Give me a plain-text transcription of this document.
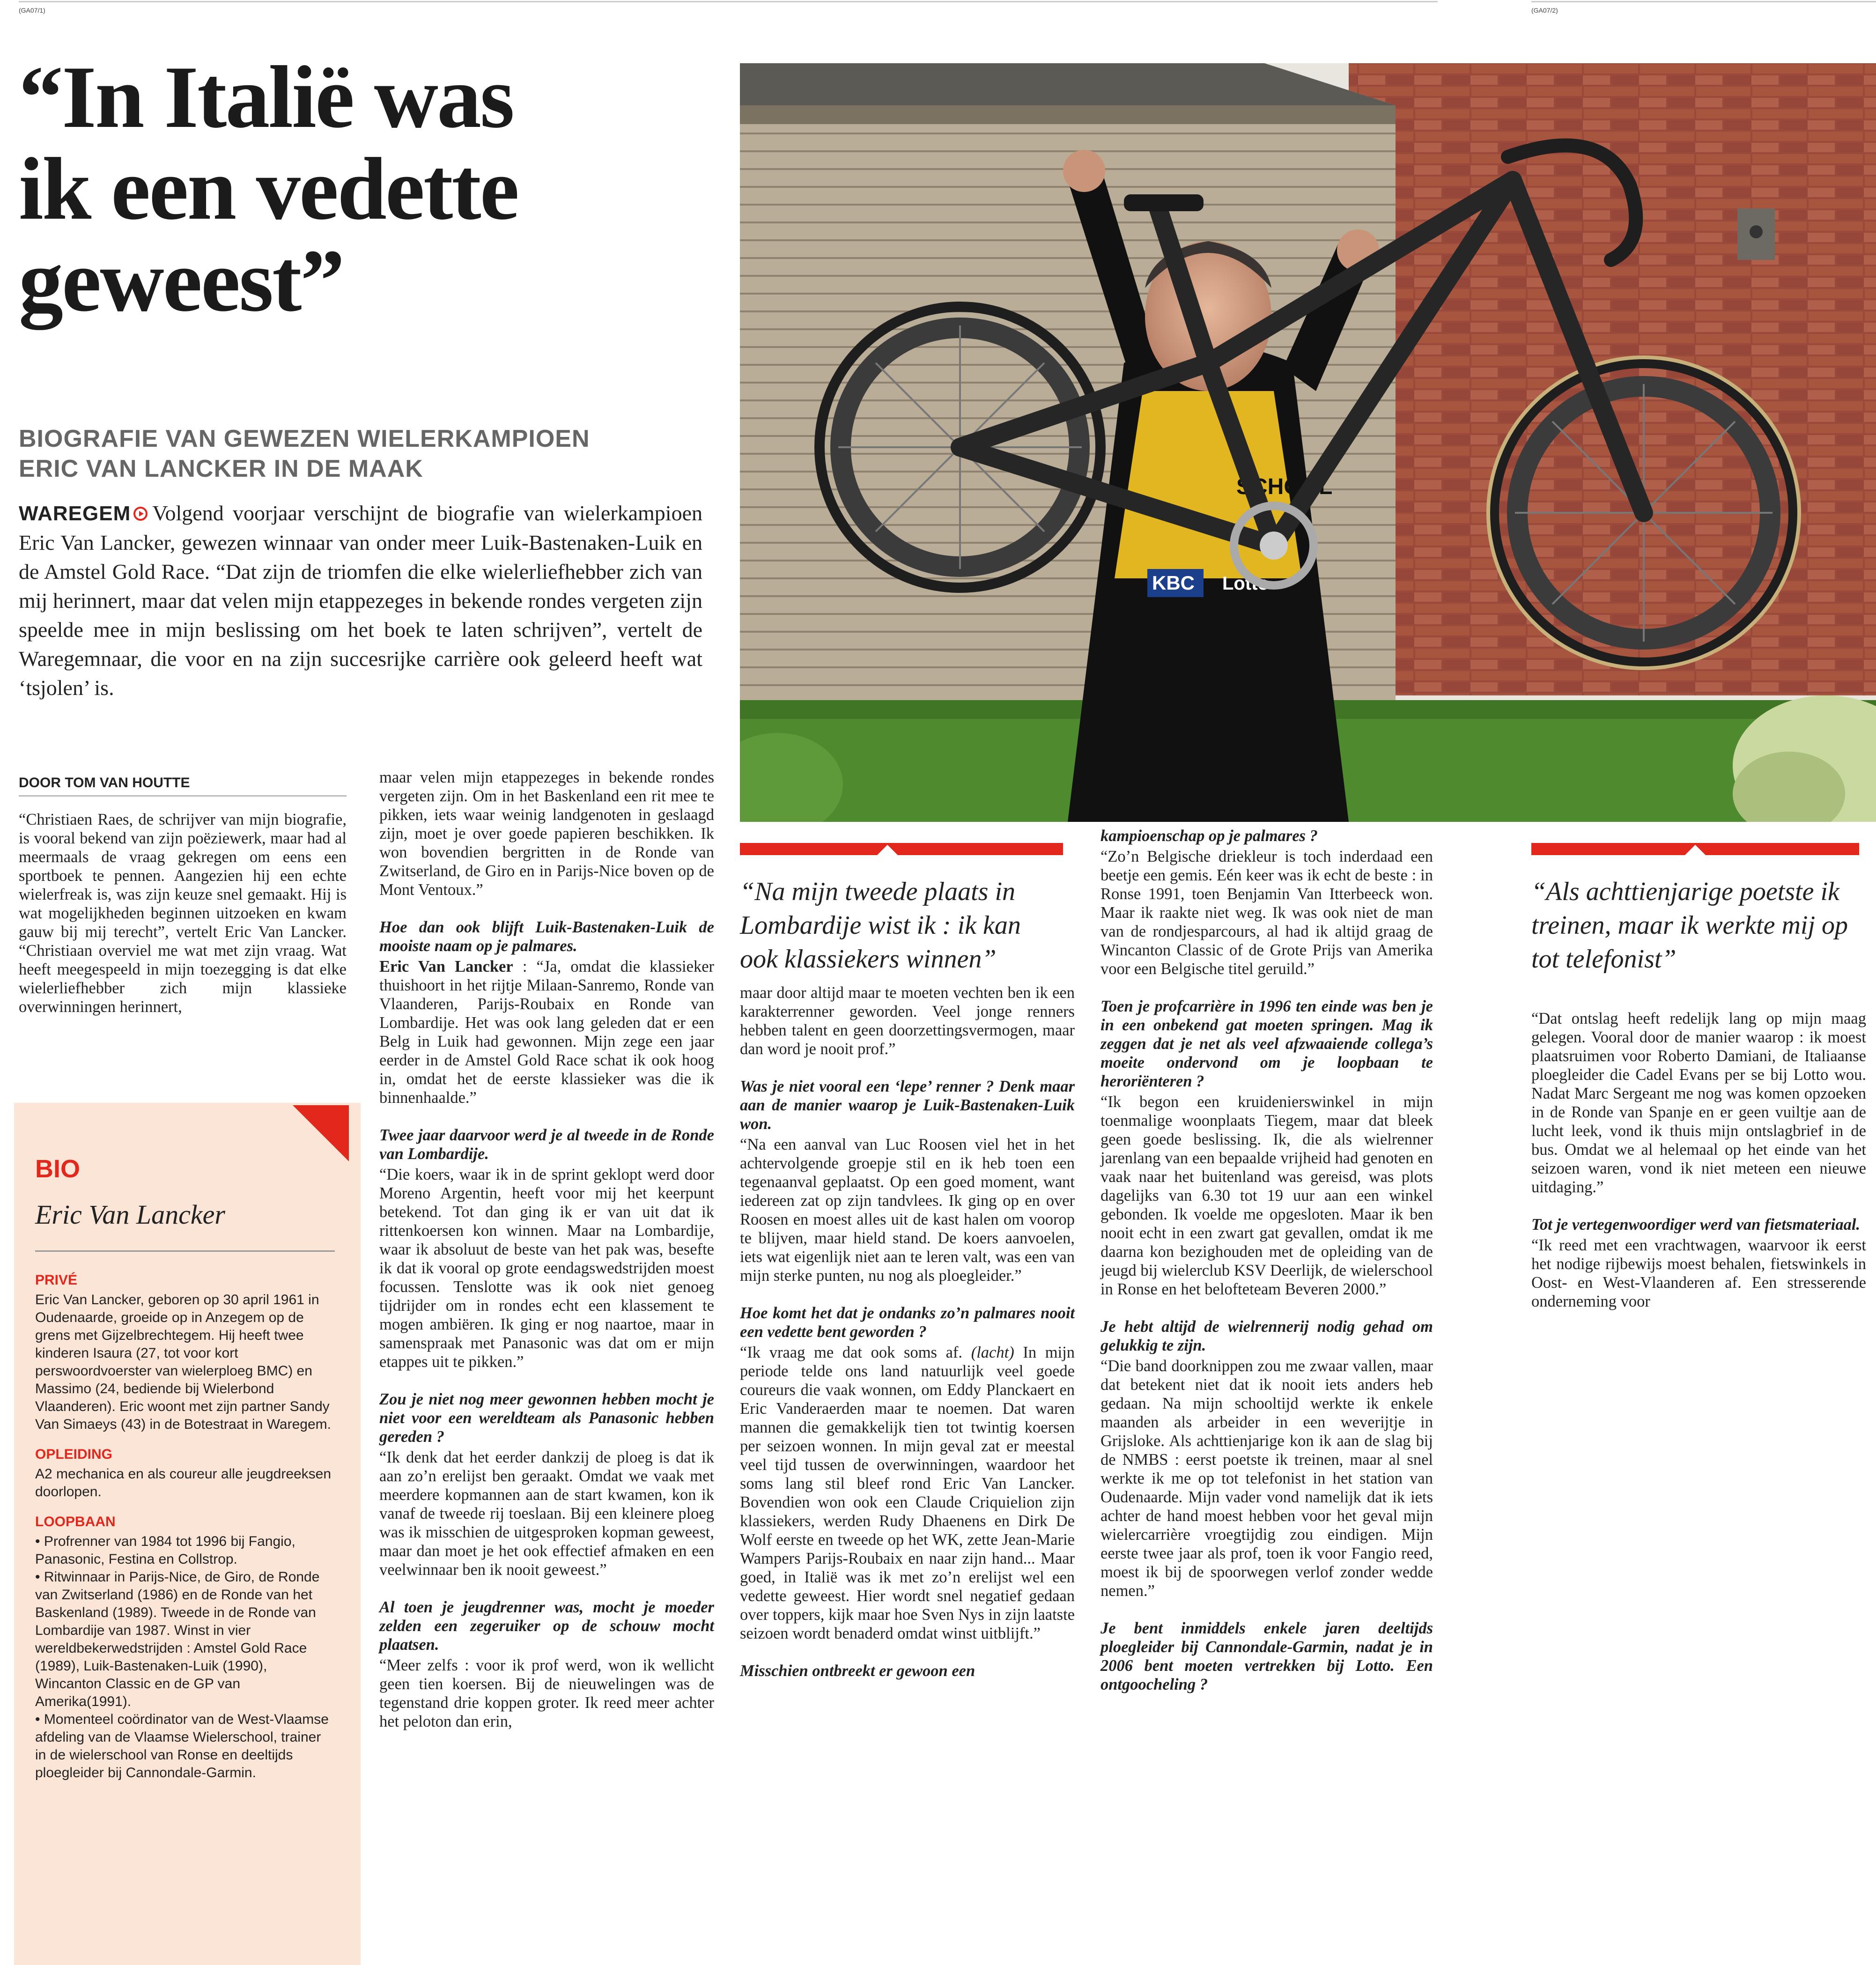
(GA07/1)	(GA07/2)
“In Italië was
ik een vedette
geweest”
BIOGRAFIE VAN GEWEZEN WIELERKAMPIOEN
ERIC VAN LANCKER IN DE MAAK
WAREGEM Volgend voorjaar verschijnt de biografie van wielerkampioen Eric Van Lancker, gewezen winnaar van onder meer Luik-Bastenaken-Luik en de Amstel Gold Race. “Dat zijn de triomfen die elke wielerliefhebber zich van mij herinnert, maar dat velen mijn etappezeges in bekende rondes vergeten zijn speelde mee in mijn beslissing om het boek te laten schrijven”, vertelt de Waregemnaar, die voor en na zijn succesrijke carrière ook geleerd heeft wat ‘tsjolen’ is.
KBC
SCHOOL
Lotto
DOOR TOM VAN HOUTTE

“Christiaen Raes, de schrijver van mijn biografie, is vooral bekend van zijn poëziewerk, maar had al meermaals de vraag gekregen om eens een sportboek te pennen. Aangezien hij een echte wielerfreak is, was zijn keuze snel gemaakt. Hij is wat mogelijkheden beginnen uitzoeken en kwam gauw bij mij terecht”, vertelt Eric Van Lancker. “Christiaan overviel me wat met zijn vraag. Wat heeft meegespeeld in mijn toezegging is dat elke wielerliefhebber zich mijn klassieke overwinningen herinnert,

BIO
Eric Van Lancker
PRIVÉ

Eric Van Lancker, geboren op 30 april 1961 in Oudenaarde, groeide op in Anzegem op de grens met Gijzelbrechtegem. Hij heeft twee kinderen Isaura (27, tot voor kort perswoordvoerster van wielerploeg BMC) en Massimo (24, bediende bij Wielerbond Vlaanderen). Eric woont met zijn partner Sandy Van Simaeys (43) in de Botestraat in Waregem.

OPLEIDING

A2 mechanica en als coureur alle jeugdreeksen doorlopen.

LOOPBAAN
• Profrenner van 1984 tot 1996 bij Fangio, Panasonic, Festina en Collstrop.
• Ritwinnaar in Parijs-Nice, de Giro, de Ronde van Zwitserland (1986) en de Ronde van het Baskenland (1989). Tweede in de Ronde van Lombardije van 1987. Winst in vier wereldbekerwedstrijden : Amstel Gold Race (1989), Luik-Bastenaken-Luik (1990), Wincanton Classic en de GP van Amerika(1991).
• Momenteel coördinator van de West-Vlaamse afdeling van de Vlaamse Wielerschool, trainer in de wielerschool van Ronse en deeltijds ploegleider bij Cannondale-Garmin.

maar velen mijn etappezeges in bekende rondes vergeten zijn. Om in het Baskenland een rit mee te pikken, iets waar weinig landgenoten in geslaagd zijn, moet je over goede papieren beschikken. Ik won bovendien bergritten in de Ronde van Zwitserland, de Giro en in Parijs-Nice boven op de Mont Ventoux.”

Hoe dan ook blijft Luik-Bastenaken-Luik de mooiste naam op je palmares.

Eric Van Lancker : “Ja, omdat die klassieker thuishoort in het rijtje Milaan-Sanremo, Ronde van Vlaanderen, Parijs-Roubaix en Ronde van Lombardije. Het was ook lang geleden dat er een Belg in Luik had gewonnen. Mijn zege een jaar eerder in de Amstel Gold Race schat ik ook hoog in, omdat het de eerste klassieker was die ik binnenhaalde.”

Twee jaar daarvoor werd je al tweede in de Ronde van Lombardije.

“Die koers, waar ik in de sprint geklopt werd door Moreno Argentin, heeft voor mij het keerpunt betekend. Tot dan ging ik er van uit dat ik rittenkoersen kon winnen. Maar na Lombardije, waar ik absoluut de beste van het pak was, besefte ik dat ik vooral op grote eendagswedstrijden moest focussen. Tenslotte was ik ook niet genoeg tijdrijder om in rondes echt een klassement te mogen ambiëren. Ik ging er nog naartoe, maar in samenspraak met Panasonic was dat om er mijn etappes uit te pikken.”

Zou je niet nog meer gewonnen hebben mocht je niet voor een wereldteam als Panasonic hebben gereden ?

“Ik denk dat het eerder dankzij de ploeg is dat ik aan zo’n erelijst ben geraakt. Omdat we vaak met meerdere kopmannen aan de start kwamen, kon ik vanaf de tweede rij toeslaan. Bij een kleinere ploeg was ik misschien de uitgesproken kopman geweest, maar dan moet je het ook effectief afmaken en een veelwinnaar ben ik nooit geweest.”

Al toen je jeugdrenner was, mocht je moeder zelden een zegeruiker op de schouw mocht plaatsen.

“Meer zelfs : voor ik prof werd, won ik wellicht geen tien koersen. Bij de nieuwelingen was de tegenstand drie koppen groter. Ik reed meer achter het peloton dan erin,

“Na mijn tweede plaats in Lombardije wist ik : ik kan ook klassiekers winnen”

maar door altijd maar te moeten vechten ben ik een karakterrenner geworden. Veel jonge renners hebben talent en geen doorzettingsvermogen, maar dan word je nooit prof.”

Was je niet vooral een ‘lepe’ renner ? Denk maar aan de manier waarop je Luik-Bastenaken-Luik won.

“Na een aanval van Luc Roosen viel het in het achtervolgende groepje stil en ik heb toen een tegenaanval geplaatst. Op een goed moment, want iedereen zat op zijn tandvlees. Ik ging op en over Roosen en moest alles uit de kast halen om voorop te blijven, maar hield stand. De koers aanvoelen, iets wat eigenlijk niet aan te leren valt, was een van mijn sterke punten, nu nog als ploegleider.”

Hoe komt het dat je ondanks zo’n palmares nooit een vedette bent geworden ?

“Ik vraag me dat ook soms af. (lacht) In mijn periode telde ons land natuurlijk veel goede coureurs die vaak wonnen, om Eddy Planckaert en Eric Vanderaerden maar te noemen. Dat waren mannen die gemakkelijk tien tot twintig koersen per seizoen wonnen. In mijn geval zat er meestal veel tijd tussen de overwinningen, waardoor het soms lang stil bleef rond Eric Van Lancker. Bovendien won ook een Claude Criquielion zijn klassiekers, werden Rudy Dhaenens en Dirk De Wolf eerste en tweede op het WK, zette Jean-Marie Wampers Parijs-Roubaix en naar zijn hand... Maar goed, in Italië was ik met zo’n erelijst wel een vedette geweest. Hier wordt snel negatief gedaan over toppers, kijk maar hoe Sven Nys in zijn laatste seizoen wordt benaderd omdat winst uitblijft.”

Misschien ontbreekt er gewoon een

kampioenschap op je palmares ?

“Zo’n Belgische driekleur is toch inderdaad een beetje een gemis. Eén keer was ik echt de beste : in Ronse 1991, toen Benjamin Van Itterbeeck won. Maar ik raakte niet weg. Ik was ook niet de man van de rondjesparcours, al had ik altijd graag de Wincanton Classic of de Grote Prijs van Amerika voor een Belgische titel geruild.”

Toen je profcarrière in 1996 ten einde was ben je in een onbekend gat moeten springen. Mag ik zeggen dat je net als veel afzwaaiende collega’s moeite ondervond om je loopbaan te heroriënteren ?

“Ik begon een kruidenierswinkel in mijn toenmalige woonplaats Tiegem, maar dat bleek geen goede beslissing. Ik, die als wielrenner jarenlang van een bepaalde vrijheid had genoten en vaak naar het buitenland was gereisd, was plots dagelijks van 6.30 tot 19 uur aan een winkel gebonden. Ik voelde me opgesloten. Maar ik ben nooit echt in een zwart gat gevallen, omdat ik me daarna kon bezighouden met de opleiding van de jeugd bij wielerclub KSV Deerlijk, de wielerschool in Ronse en het belofteteam Beveren 2000.”

Je hebt altijd de wielrennerij nodig gehad om gelukkig te zijn.

“Die band doorknippen zou me zwaar vallen, maar dat betekent niet dat ik nooit iets anders heb gedaan. Na mijn schooltijd werkte ik enkele maanden als arbeider in een weverijtje in Grijsloke. Als achttienjarige kon ik aan de slag bij de NMBS : eerst poetste ik treinen, maar al snel werkte ik me op tot telefonist in het station van Oudenaarde. Mijn vader vond namelijk dat ik iets achter de hand moest hebben voor het geval mijn wielercarrière vroegtijdig zou eindigen. Mijn eerste twee jaar als prof, toen ik voor Fangio reed, moest ik bij de spoorwegen verlof zonder wedde nemen.”

Je bent inmiddels enkele jaren deeltijds ploegleider bij Cannondale-Garmin, nadat je in 2006 bent moeten vertrekken bij Lotto. Een ontgoocheling ?

“Als achttienjarige poetste ik treinen, maar ik werkte mij op tot telefonist”

“Dat ontslag heeft redelijk lang op mijn maag gelegen. Vooral door de manier waarop : ik moest plaatsruimen voor Roberto Damiani, de Italiaanse ploegleider die Cadel Evans per se bij Lotto wou. Nadat Marc Sergeant me nog was komen opzoeken in de Ronde van Spanje en er geen vuiltje aan de lucht leek, vond ik thuis mijn ontslagbrief in de bus. Omdat we al helemaal op het einde van het seizoen waren, vond ik niet meteen een nieuwe uitdaging.”

Tot je vertegenwoordiger werd van fietsmateriaal.

“Ik reed met een vrachtwagen, waarvoor ik eerst het nodige rijbewijs moest behalen, fietswinkels in Oost- en West-Vlaanderen af. Een stresserende onderneming voor
